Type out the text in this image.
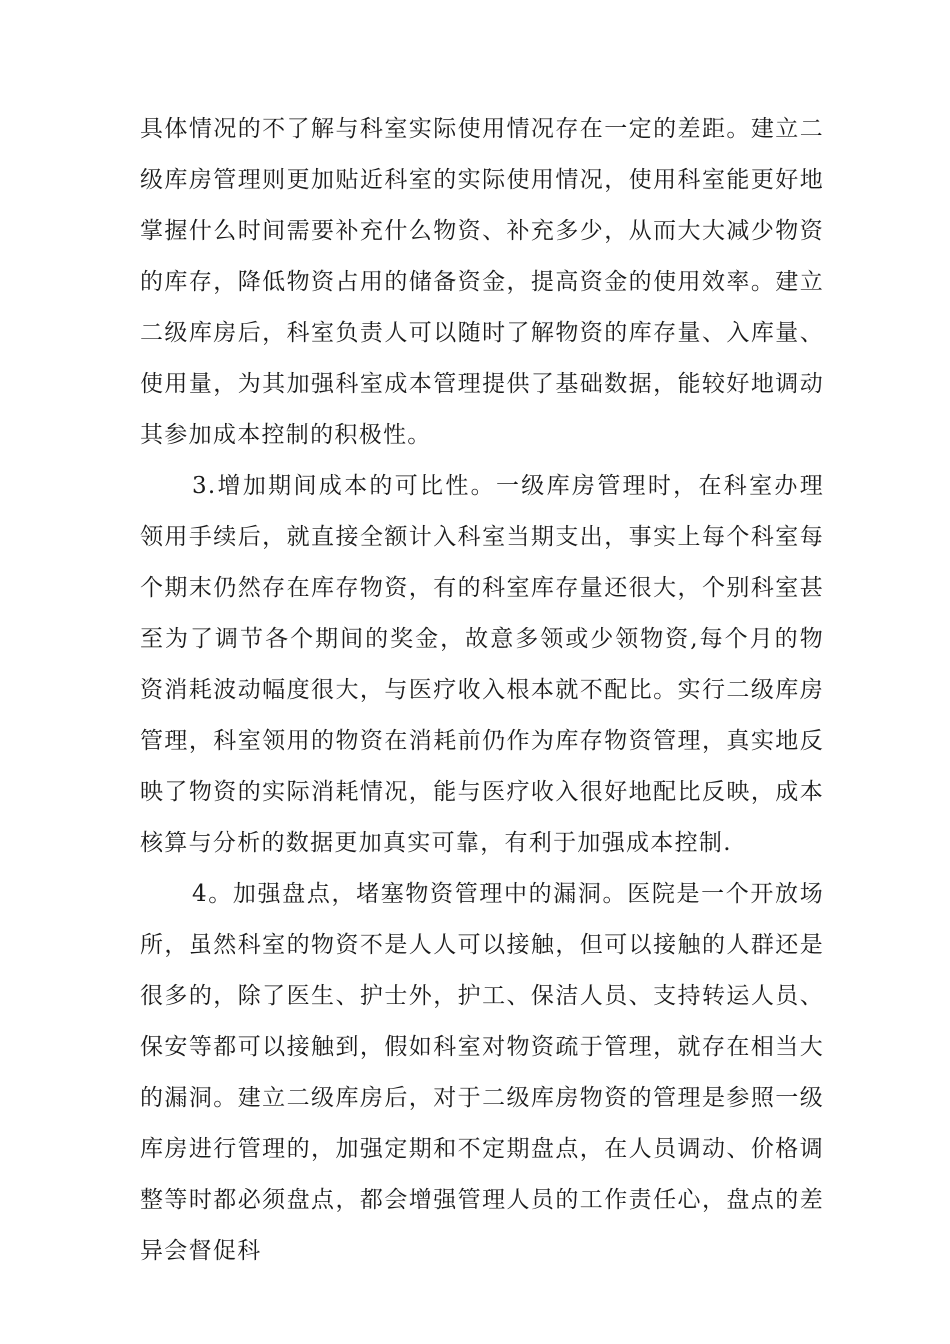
具体情况的不了解与科室实际使用情况存在一定的差距。建立二级库房管理则更加贴近科室的实际使用情况，使用科室能更好地掌握什么时间需要补充什么物资、补充多少，从而大大减少物资的库存，降低物资占用的储备资金，提高资金的使用效率。建立二级库房后，科室负责人可以随时了解物资的库存量、入库量、使用量，为其加强科室成本管理提供了基础数据，能较好地调动其参加成本控制的积极性。

3.增加期间成本的可比性。一级库房管理时，在科室办理领用手续后，就直接全额计入科室当期支出，事实上每个科室每个期末仍然存在库存物资，有的科室库存量还很大，个别科室甚至为了调节各个期间的奖金，故意多领或少领物资,每个月的物资消耗波动幅度很大，与医疗收入根本就不配比。实行二级库房管理，科室领用的物资在消耗前仍作为库存物资管理，真实地反映了物资的实际消耗情况，能与医疗收入很好地配比反映，成本核算与分析的数据更加真实可靠，有利于加强成本控制.

4。加强盘点，堵塞物资管理中的漏洞。医院是一个开放场所，虽然科室的物资不是人人可以接触，但可以接触的人群还是很多的，除了医生、护士外，护工、保洁人员、支持转运人员、保安等都可以接触到，假如科室对物资疏于管理，就存在相当大的漏洞。建立二级库房后，对于二级库房物资的管理是参照一级库房进行管理的，加强定期和不定期盘点，在人员调动、价格调整等时都必须盘点，都会增强管理人员的工作责任心，盘点的差异会督促科
